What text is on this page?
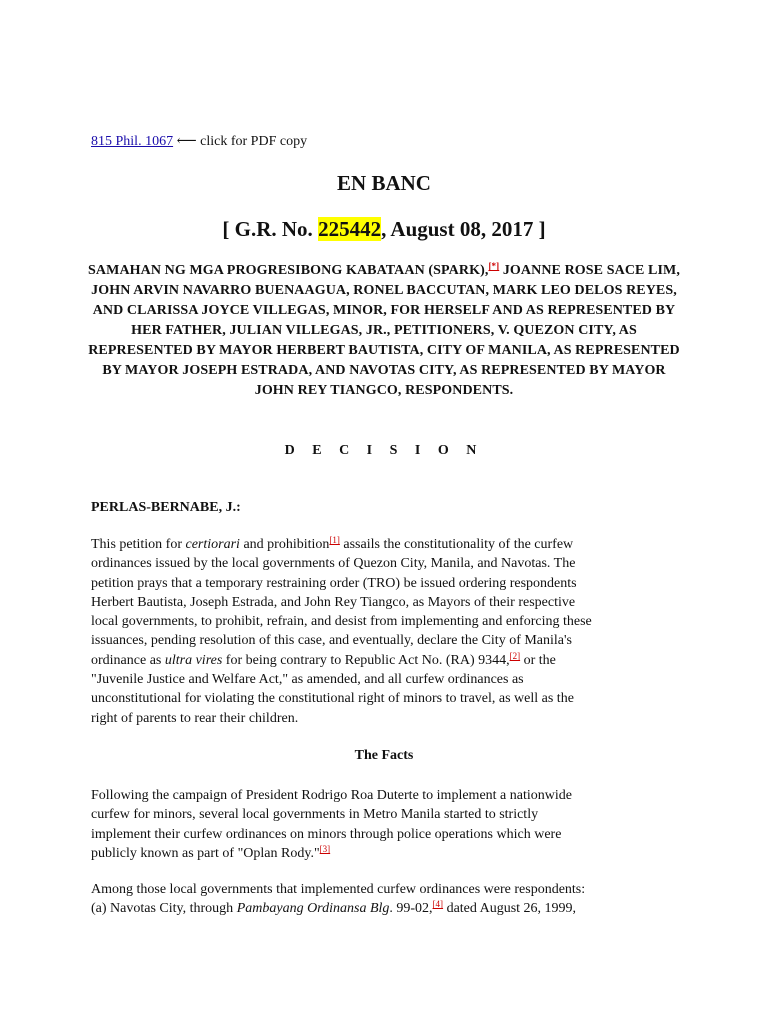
815 Phil. 1067 ⟵ click for PDF copy
EN BANC
[ G.R. No. 225442, August 08, 2017 ]
SAMAHAN NG MGA PROGRESIBONG KABATAAN (SPARK),[*] JOANNE ROSE SACE LIM, JOHN ARVIN NAVARRO BUENAAGUA, RONEL BACCUTAN, MARK LEO DELOS REYES, AND CLARISSA JOYCE VILLEGAS, MINOR, FOR HERSELF AND AS REPRESENTED BY HER FATHER, JULIAN VILLEGAS, JR., PETITIONERS, V. QUEZON CITY, AS REPRESENTED BY MAYOR HERBERT BAUTISTA, CITY OF MANILA, AS REPRESENTED BY MAYOR JOSEPH ESTRADA, AND NAVOTAS CITY, AS REPRESENTED BY MAYOR JOHN REY TIANGCO, RESPONDENTS.
D E C I S I O N
PERLAS-BERNABE, J.:
This petition for certiorari and prohibition[1] assails the constitutionality of the curfew
ordinances issued by the local governments of Quezon City, Manila, and Navotas. The
petition prays that a temporary restraining order (TRO) be issued ordering respondents
Herbert Bautista, Joseph Estrada, and John Rey Tiangco, as Mayors of their respective
local governments, to prohibit, refrain, and desist from implementing and enforcing these
issuances, pending resolution of this case, and eventually, declare the City of Manila's
ordinance as ultra vires for being contrary to Republic Act No. (RA) 9344,[2] or the
"Juvenile Justice and Welfare Act," as amended, and all curfew ordinances as
unconstitutional for violating the constitutional right of minors to travel, as well as the
right of parents to rear their children.
The Facts
Following the campaign of President Rodrigo Roa Duterte to implement a nationwide
curfew for minors, several local governments in Metro Manila started to strictly
implement their curfew ordinances on minors through police operations which were
publicly known as part of "Oplan Rody."[3]
Among those local governments that implemented curfew ordinances were respondents:
(a) Navotas City, through Pambayang Ordinansa Blg. 99-02,[4] dated August 26, 1999,
